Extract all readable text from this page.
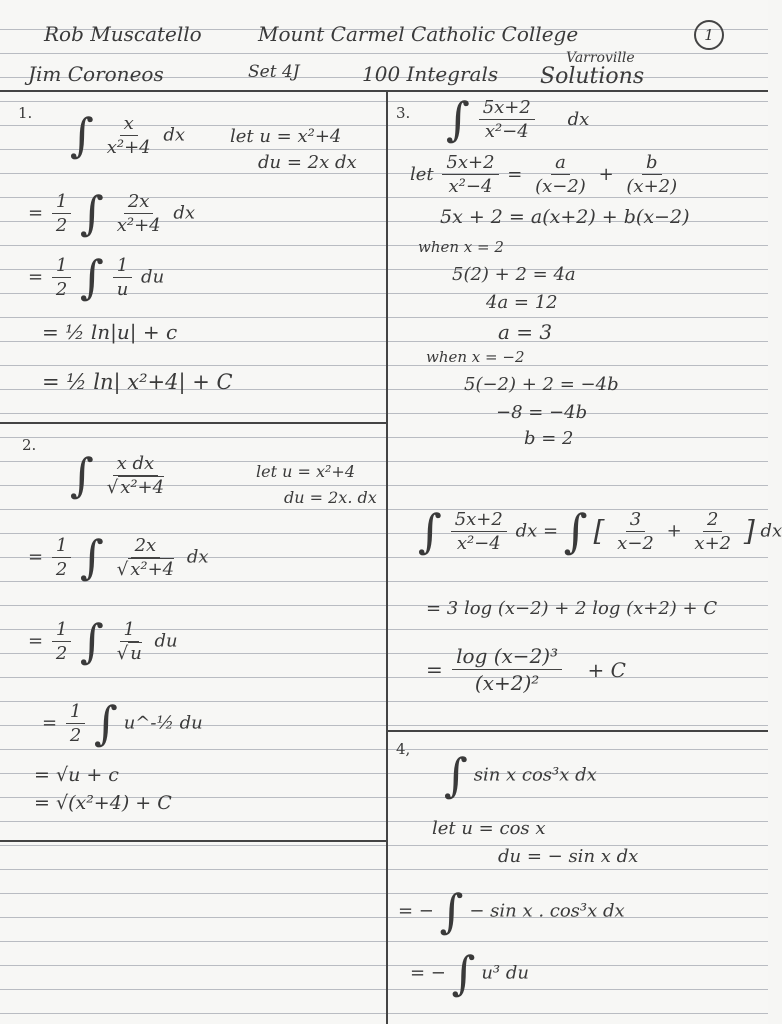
Rob Muscatello	Mount Carmel Catholic College	1
Jim Coroneos	Set 4J	100 Integrals
Varroville
Solutions
1. ∫ $\frac{x}{\text{x²+4}}$ dx let u = x²+4
du = 2x dx
= $\frac{1}{2}$ ∫ $\frac{2x}{\text{x²+4}}$ dx
= $\frac{1}{2}$ ∫ $\frac{1}{u}$ du
= ½ ln|u| + c
= ½ ln| x²+4| + C
2.
∫ $\frac{\text{x dx}}{\text{√ x²+4}}$	let u = x²+4
du = 2x. dx
= $\frac{1}{2}$ ∫ $\frac{2x}{\text{√ x²+4}}$ dx
= $\frac{1}{2}$ ∫ $\frac{1}{√ u}$ du
= $\frac{1}{2}$ ∫ u^-½ du
= √u + c
= √(x²+4) + C
3. ∫ $\frac{5x+2}{\text{x²−4}}$ dx
let $\frac{5x+2}{\text{x²−4}} = \frac{a}{(x-2)} + \frac{b}{(x+2)}$
5x + 2 = a(x+2) + b(x−2)
when x = 2
5(2) + 2 = 4a
4a = 12
a = 3
when x = −2
5(−2) + 2 = −4b
−8 = −4b
b = 2
∫ $\frac{5x+2}{\text{x²−4}}$ dx = ∫ [ $\frac{3}{x-2} + \frac{2}{x+2}$ ] dx
= 3 log (x−2) + 2 log (x+2) + C
= $\frac{\text{log (x−2)³}}{\text{(x+2)²}} + C$
4, ∫ sin x cos³x dx
let u = cos x
du = − sin x dx
= − ∫ − sin x . cos³x dx
= − ∫ u³ du
